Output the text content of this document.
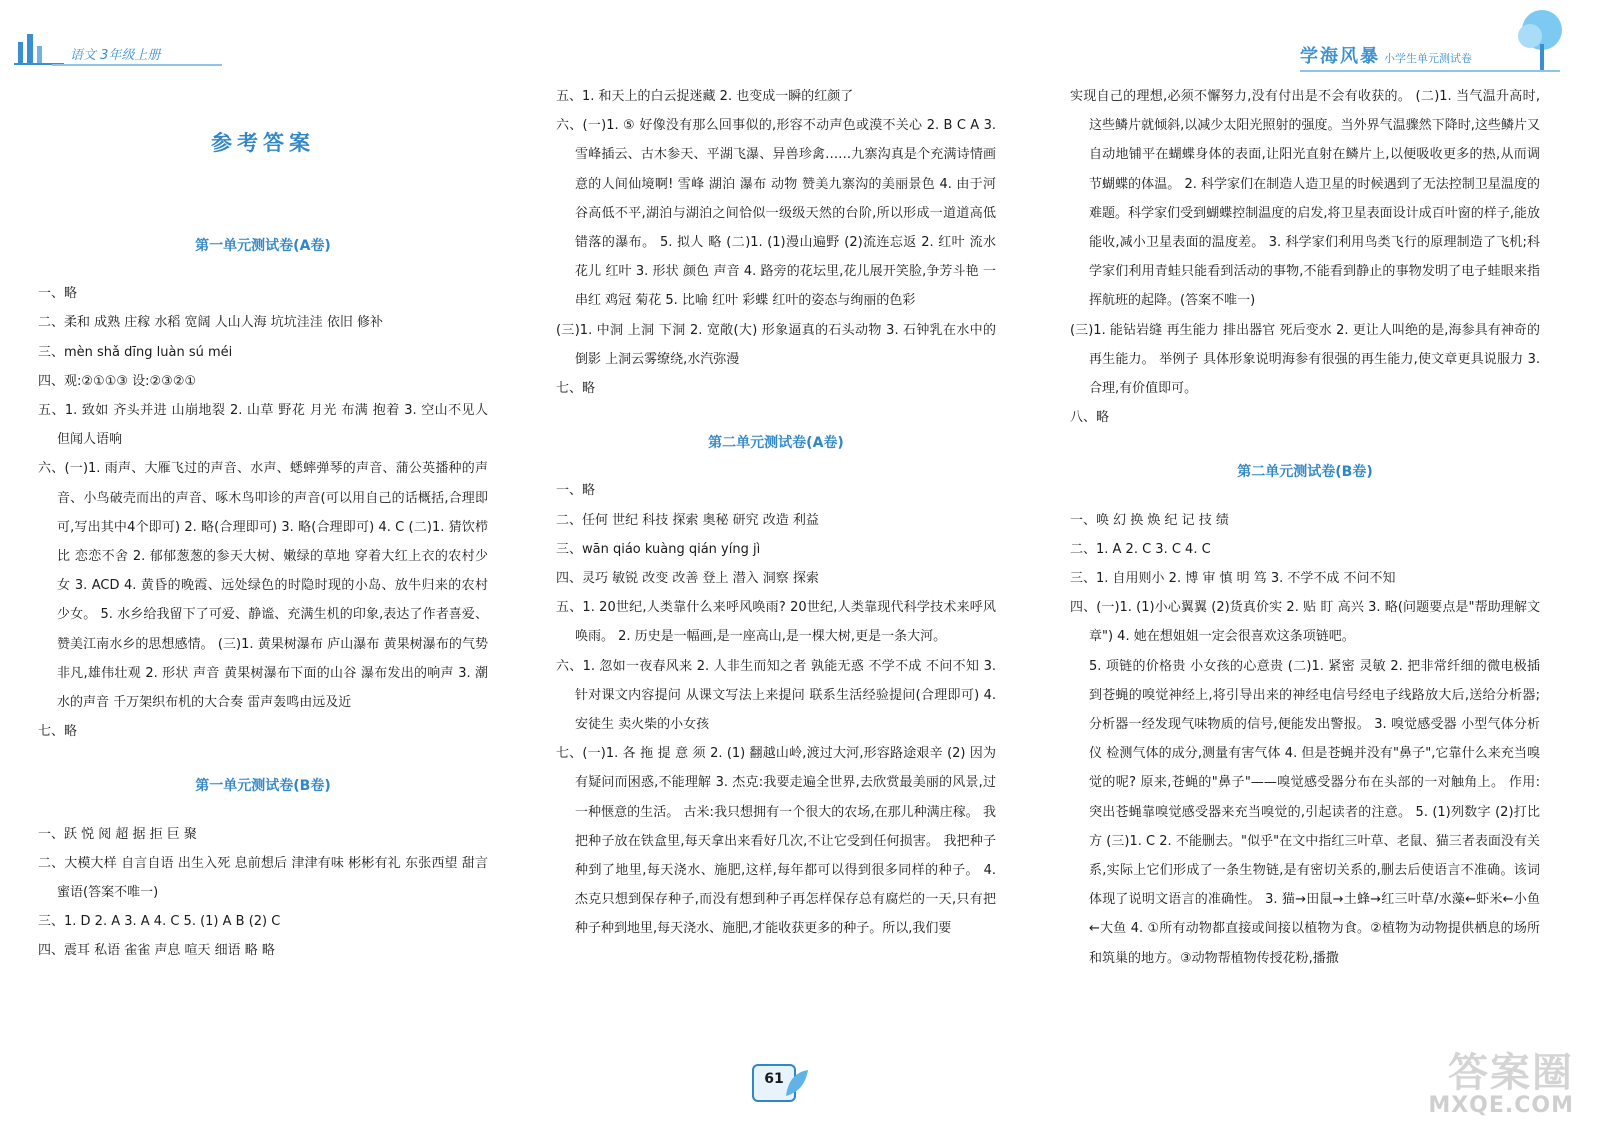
语文 3年级上册	学海风暴 小学生单元测试卷
参考答案
第一单元测试卷(A卷)
一、略
二、柔和 成熟 庄稼 水稻 宽阔 人山人海 坑坑洼洼 依旧 修补
三、mèn shǎ dīng luàn sú méi
四、观:②①①③ 设:②③②①
五、1. 致如 齐头并进 山崩地裂 2. 山草 野花 月光 布满 抱着 3. 空山不见人 但闻人语响
六、(一)1. 雨声、大雁飞过的声音、水声、蟋蟀弹琴的声音、蒲公英播种的声音、小鸟破壳而出的声音、啄木鸟叩诊的声音(可以用自己的话概括,合理即可,写出其中4个即可) 2. 略(合理即可) 3. 略(合理即可) 4. C (二)1. 猜饮栉比 恋恋不舍 2. 郁郁葱葱的参天大树、嫩绿的草地 穿着大红上衣的农村少女 3. ACD 4. 黄昏的晚霞、远处绿色的时隐时现的小岛、放牛归来的农村少女。 5. 水乡给我留下了可爱、静谧、充满生机的印象,表达了作者喜爱、赞美江南水乡的思想感情。 (三)1. 黄果树瀑布 庐山瀑布 黄果树瀑布的气势非凡,雄伟壮观 2. 形状 声音 黄果树瀑布下面的山谷 瀑布发出的响声 3. 潮水的声音 千万架织布机的大合奏 雷声轰鸣由远及近
七、略
第一单元测试卷(B卷)
一、跃 悦 阅 超 据 拒 巨 聚
二、大模大样 自言自语 出生入死 息前想后 津津有味 彬彬有礼 东张西望 甜言蜜语(答案不唯一)
三、1. D 2. A 3. A 4. C 5. (1) A B (2) C
四、震耳 私语 雀雀 声息 喧天 细语 略 略
五、1. 和天上的白云捉迷藏 2. 也变成一瞬的红颜了
六、(一)1. ⑤ 好像没有那么回事似的,形容不动声色或漠不关心 2. B C A 3. 雪峰插云、古木参天、平湖飞瀑、异兽珍禽……九寨沟真是个充满诗情画意的人间仙境啊! 雪峰 湖泊 瀑布 动物 赞美九寨沟的美丽景色 4. 由于河谷高低不平,湖泊与湖泊之间恰似一级级天然的台阶,所以形成一道道高低错落的瀑布。 5. 拟人 略 (二)1. (1)漫山遍野 (2)流连忘返 2. 红叶 流水 花儿 红叶 3. 形状 颜色 声音 4. 路旁的花坛里,花儿展开笑脸,争芳斗艳 一串红 鸡冠 菊花 5. 比喻 红叶 彩蝶 红叶的姿态与绚丽的色彩
(三)1. 中洞 上洞 下洞 2. 宽敞(大) 形象逼真的石头动物 3. 石钟乳在水中的倒影 上洞云雾缭绕,水汽弥漫
七、略
第二单元测试卷(A卷)
一、略
二、任何 世纪 科技 探索 奥秘 研究 改造 利益
三、wān qiáo kuàng qián yíng jì
四、灵巧 敏锐 改变 改善 登上 潜入 洞察 探索
五、1. 20世纪,人类靠什么来呼风唤雨? 20世纪,人类靠现代科学技术来呼风唤雨。 2. 历史是一幅画,是一座高山,是一棵大树,更是一条大河。
六、1. 忽如一夜春风来 2. 人非生而知之者 孰能无惑 不学不成 不问不知 3. 针对课文内容提问 从课文写法上来提问 联系生活经验提问(合理即可) 4. 安徒生 卖火柴的小女孩
七、(一)1. 各 拖 提 意 须 2. (1) 翻越山岭,渡过大河,形容路途艰辛 (2) 因为有疑问而困惑,不能理解 3. 杰克:我要走遍全世界,去欣赏最美丽的风景,过一种惬意的生活。 古米:我只想拥有一个很大的农场,在那儿种满庄稼。 我把种子放在铁盒里,每天拿出来看好几次,不让它受到任何损害。 我把种子种到了地里,每天浇水、施肥,这样,每年都可以得到很多同样的种子。 4. 杰克只想到保存种子,而没有想到种子再怎样保存总有腐烂的一天,只有把种子种到地里,每天浇水、施肥,才能收获更多的种子。所以,我们要
实现自己的理想,必须不懈努力,没有付出是不会有收获的。 (二)1. 当气温升高时,这些鳞片就倾斜,以减少太阳光照射的强度。当外界气温骤然下降时,这些鳞片又自动地铺平在蝴蝶身体的表面,让阳光直射在鳞片上,以便吸收更多的热,从而调节蝴蝶的体温。 2. 科学家们在制造人造卫星的时候遇到了无法控制卫星温度的难题。科学家们受到蝴蝶控制温度的启发,将卫星表面设计成百叶窗的样子,能放能收,减小卫星表面的温度差。 3. 科学家们利用鸟类飞行的原理制造了飞机;科学家们利用青蛙只能看到活动的事物,不能看到静止的事物发明了电子蛙眼来指挥航班的起降。(答案不唯一)
(三)1. 能钻岩缝 再生能力 排出器官 死后变水 2. 更让人叫绝的是,海参具有神奇的再生能力。 举例子 具体形象说明海参有很强的再生能力,使文章更具说服力 3. 合理,有价值即可。
八、略
第二单元测试卷(B卷)
一、唤 幻 换 焕 纪 记 技 绩
二、1. A 2. C 3. C 4. C
三、1. 自用则小 2. 博 审 慎 明 笃 3. 不学不成 不问不知
四、(一)1. (1)小心翼翼 (2)货真价实 2. 贴 盯 高兴 3. 略(问题要点是"帮助理解文章") 4. 她在想姐姐一定会很喜欢这条项链吧。
5. 项链的价格贵 小女孩的心意贵 (二)1. 紧密 灵敏 2. 把非常纤细的微电极插到苍蝇的嗅觉神经上,将引导出来的神经电信号经电子线路放大后,送给分析器;分析器一经发现气味物质的信号,便能发出警报。 3. 嗅觉感受器 小型气体分析仪 检测气体的成分,测量有害气体 4. 但是苍蝇并没有"鼻子",它靠什么来充当嗅觉的呢? 原来,苍蝇的"鼻子"——嗅觉感受器分布在头部的一对触角上。 作用:突出苍蝇靠嗅觉感受器来充当嗅觉的,引起读者的注意。 5. (1)列数字 (2)打比方 (三)1. C 2. 不能删去。"似乎"在文中指红三叶草、老鼠、猫三者表面没有关系,实际上它们形成了一条生物链,是有密切关系的,删去后使语言不准确。该词体现了说明文语言的准确性。 3. 猫→田鼠→土蜂→红三叶草/水藻←虾米←小鱼←大鱼 4. ①所有动物都直接或间接以植物为食。②植物为动物提供栖息的场所和筑巢的地方。③动物帮植物传授花粉,播撒
61	答案圈
MXQE.COM
